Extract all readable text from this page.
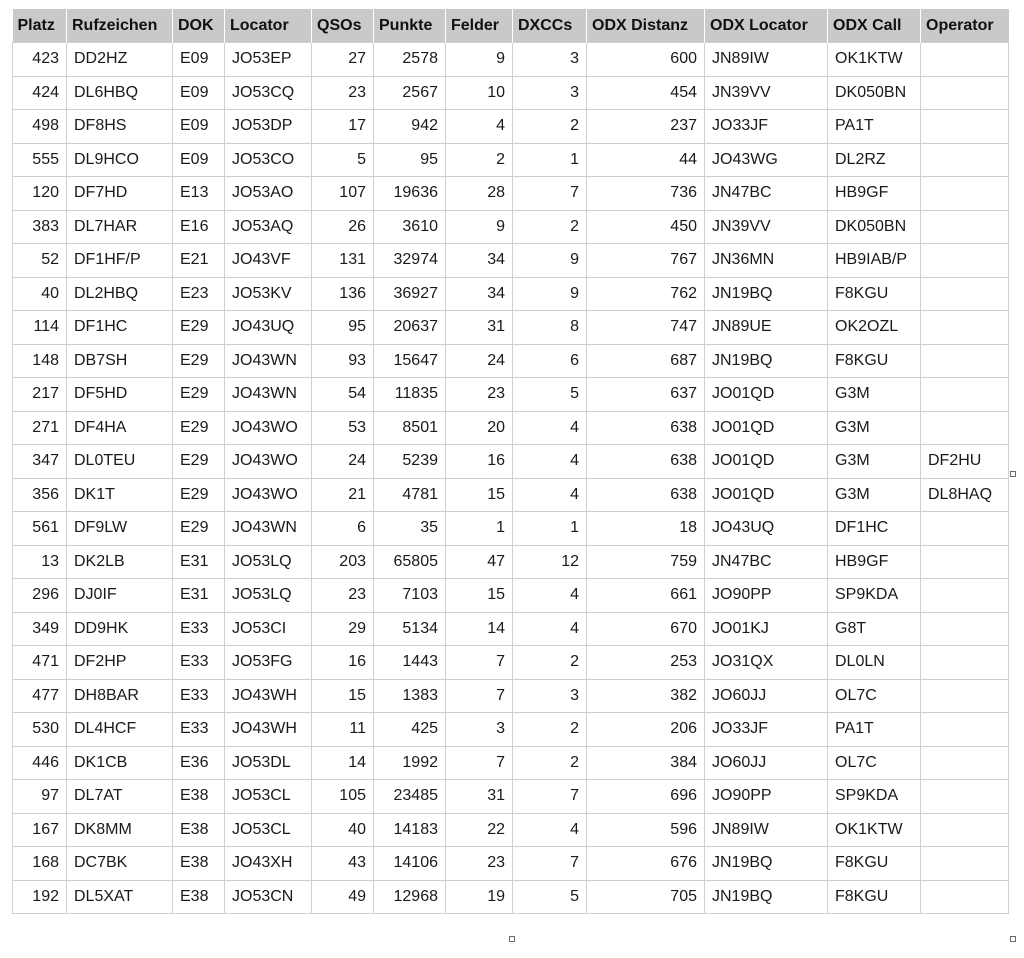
Platz	Rufzeichen	DOK	Locator	QSOs	Punkte	Felder	DXCCs	ODX Distanz	ODX Locator	ODX Call	Operator
423	DD2HZ	E09	JO53EP	27	2578	9	3	600	JN89IW	OK1KTW	
424	DL6HBQ	E09	JO53CQ	23	2567	10	3	454	JN39VV	DK050BN	
498	DF8HS	E09	JO53DP	17	942	4	2	237	JO33JF	PA1T	
555	DL9HCO	E09	JO53CO	5	95	2	1	44	JO43WG	DL2RZ	
120	DF7HD	E13	JO53AO	107	19636	28	7	736	JN47BC	HB9GF	
383	DL7HAR	E16	JO53AQ	26	3610	9	2	450	JN39VV	DK050BN	
52	DF1HF/P	E21	JO43VF	131	32974	34	9	767	JN36MN	HB9IAB/P	
40	DL2HBQ	E23	JO53KV	136	36927	34	9	762	JN19BQ	F8KGU	
114	DF1HC	E29	JO43UQ	95	20637	31	8	747	JN89UE	OK2OZL	
148	DB7SH	E29	JO43WN	93	15647	24	6	687	JN19BQ	F8KGU	
217	DF5HD	E29	JO43WN	54	11835	23	5	637	JO01QD	G3M	
271	DF4HA	E29	JO43WO	53	8501	20	4	638	JO01QD	G3M	
347	DL0TEU	E29	JO43WO	24	5239	16	4	638	JO01QD	G3M	DF2HU
356	DK1T	E29	JO43WO	21	4781	15	4	638	JO01QD	G3M	DL8HAQ
561	DF9LW	E29	JO43WN	6	35	1	1	18	JO43UQ	DF1HC	
13	DK2LB	E31	JO53LQ	203	65805	47	12	759	JN47BC	HB9GF	
296	DJ0IF	E31	JO53LQ	23	7103	15	4	661	JO90PP	SP9KDA	
349	DD9HK	E33	JO53CI	29	5134	14	4	670	JO01KJ	G8T	
471	DF2HP	E33	JO53FG	16	1443	7	2	253	JO31QX	DL0LN	
477	DH8BAR	E33	JO43WH	15	1383	7	3	382	JO60JJ	OL7C	
530	DL4HCF	E33	JO43WH	11	425	3	2	206	JO33JF	PA1T	
446	DK1CB	E36	JO53DL	14	1992	7	2	384	JO60JJ	OL7C	
97	DL7AT	E38	JO53CL	105	23485	31	7	696	JO90PP	SP9KDA	
167	DK8MM	E38	JO53CL	40	14183	22	4	596	JN89IW	OK1KTW	
168	DC7BK	E38	JO43XH	43	14106	23	7	676	JN19BQ	F8KGU	
192	DL5XAT	E38	JO53CN	49	12968	19	5	705	JN19BQ	F8KGU	
